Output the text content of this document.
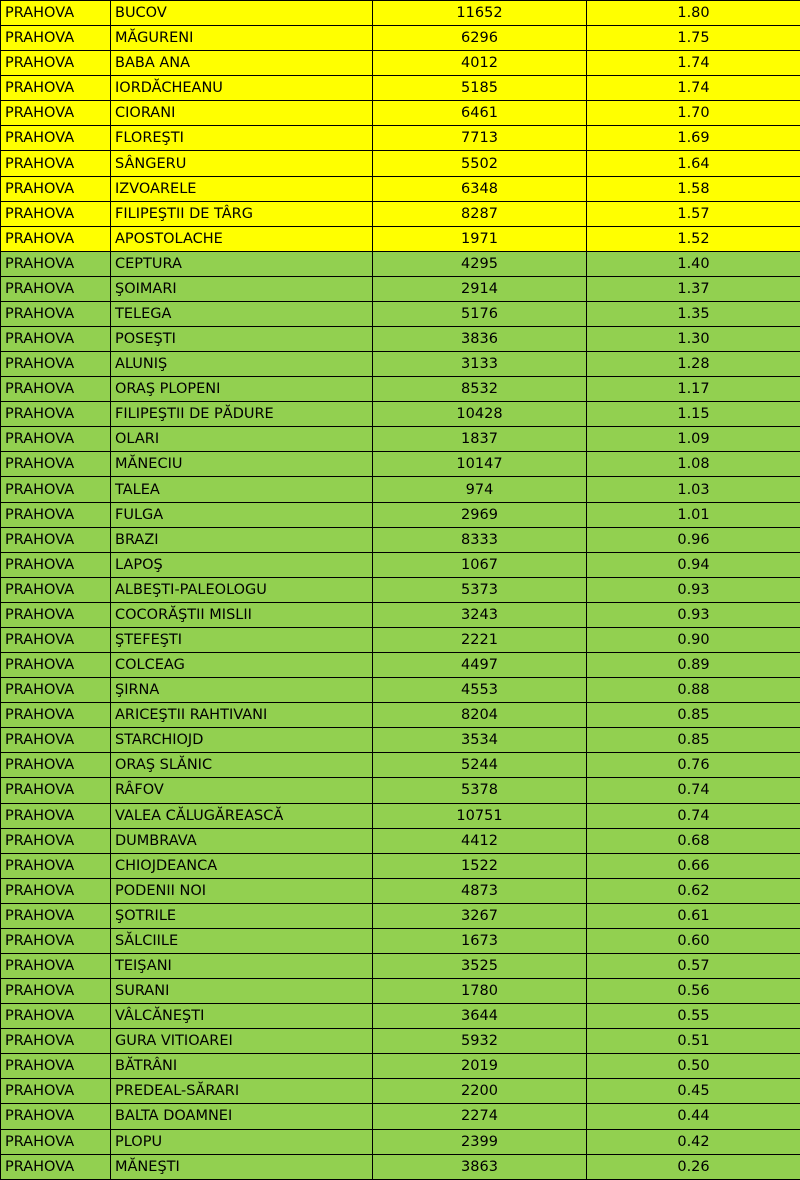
PRAHOVA	BUCOV	11652	1.80
PRAHOVA	MĂGURENI	6296	1.75
PRAHOVA	BABA ANA	4012	1.74
PRAHOVA	IORDĂCHEANU	5185	1.74
PRAHOVA	CIORANI	6461	1.70
PRAHOVA	FLOREŞTI	7713	1.69
PRAHOVA	SÂNGERU	5502	1.64
PRAHOVA	IZVOARELE	6348	1.58
PRAHOVA	FILIPEŞTII DE TÂRG	8287	1.57
PRAHOVA	APOSTOLACHE	1971	1.52
PRAHOVA	CEPTURA	4295	1.40
PRAHOVA	ŞOIMARI	2914	1.37
PRAHOVA	TELEGA	5176	1.35
PRAHOVA	POSEŞTI	3836	1.30
PRAHOVA	ALUNIŞ	3133	1.28
PRAHOVA	ORAŞ PLOPENI	8532	1.17
PRAHOVA	FILIPEŞTII DE PĂDURE	10428	1.15
PRAHOVA	OLARI	1837	1.09
PRAHOVA	MĂNECIU	10147	1.08
PRAHOVA	TALEA	974	1.03
PRAHOVA	FULGA	2969	1.01
PRAHOVA	BRAZI	8333	0.96
PRAHOVA	LAPOŞ	1067	0.94
PRAHOVA	ALBEŞTI-PALEOLOGU	5373	0.93
PRAHOVA	COCORĂŞTII MISLII	3243	0.93
PRAHOVA	ŞTEFEŞTI	2221	0.90
PRAHOVA	COLCEAG	4497	0.89
PRAHOVA	ŞIRNA	4553	0.88
PRAHOVA	ARICEŞTII RAHTIVANI	8204	0.85
PRAHOVA	STARCHIOJD	3534	0.85
PRAHOVA	ORAŞ SLĂNIC	5244	0.76
PRAHOVA	RÂFOV	5378	0.74
PRAHOVA	VALEA CĂLUGĂREASCĂ	10751	0.74
PRAHOVA	DUMBRAVA	4412	0.68
PRAHOVA	CHIOJDEANCA	1522	0.66
PRAHOVA	PODENII NOI	4873	0.62
PRAHOVA	ŞOTRILE	3267	0.61
PRAHOVA	SĂLCIILE	1673	0.60
PRAHOVA	TEIŞANI	3525	0.57
PRAHOVA	SURANI	1780	0.56
PRAHOVA	VÂLCĂNEŞTI	3644	0.55
PRAHOVA	GURA VITIOAREI	5932	0.51
PRAHOVA	BĂTRÂNI	2019	0.50
PRAHOVA	PREDEAL-SĂRARI	2200	0.45
PRAHOVA	BALTA DOAMNEI	2274	0.44
PRAHOVA	PLOPU	2399	0.42
PRAHOVA	MĂNEŞTI	3863	0.26
